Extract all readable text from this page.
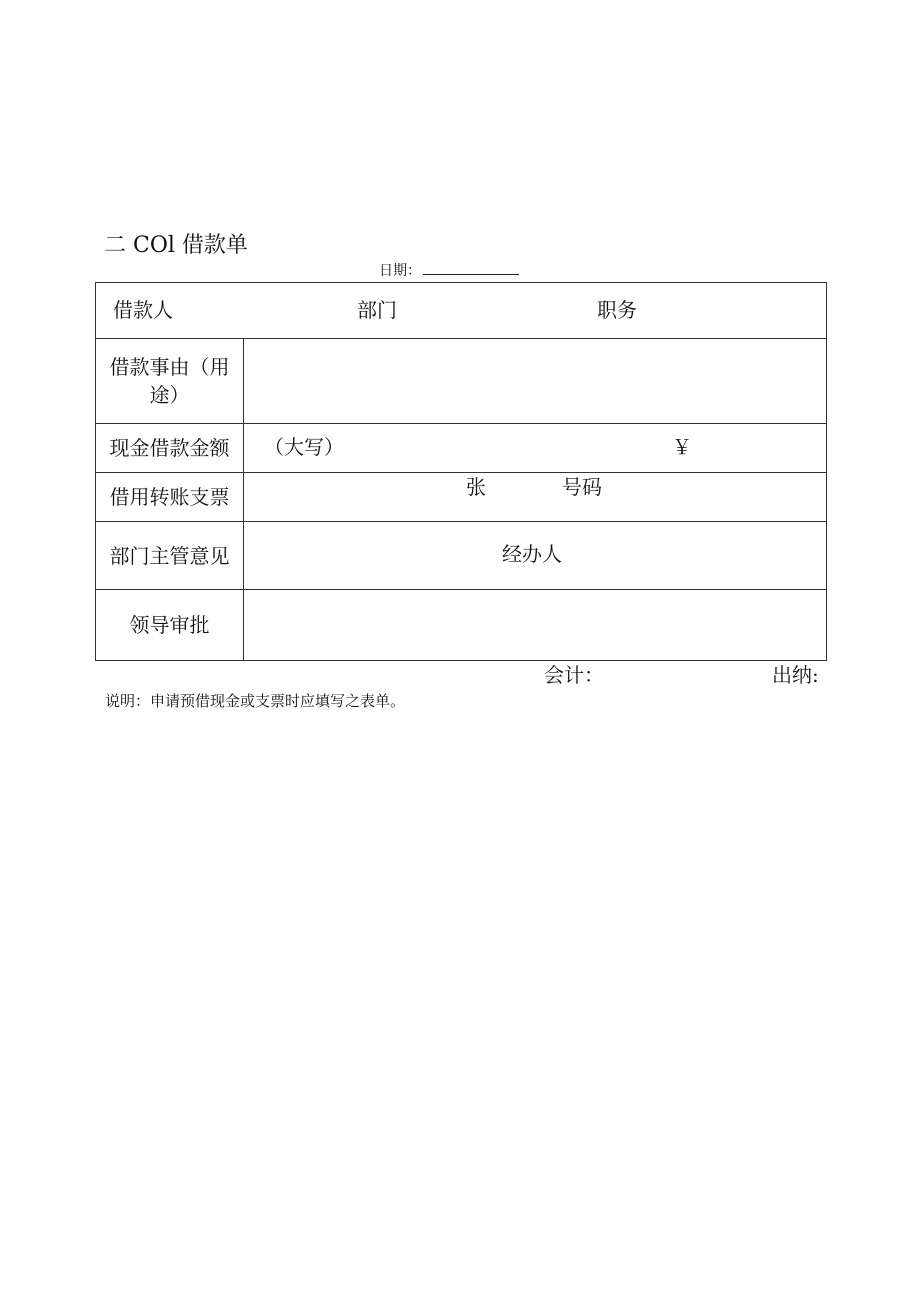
二 COl 借款单
日期：
借款人 部门 职务	

借款事由（用途）	

现金借款金额	（大写） ￥

借用转账支票	张 号码

部门主管意见	经办人

领导审批	
会计：	出纳:
说明：申请预借现金或支票时应填写之表单。
